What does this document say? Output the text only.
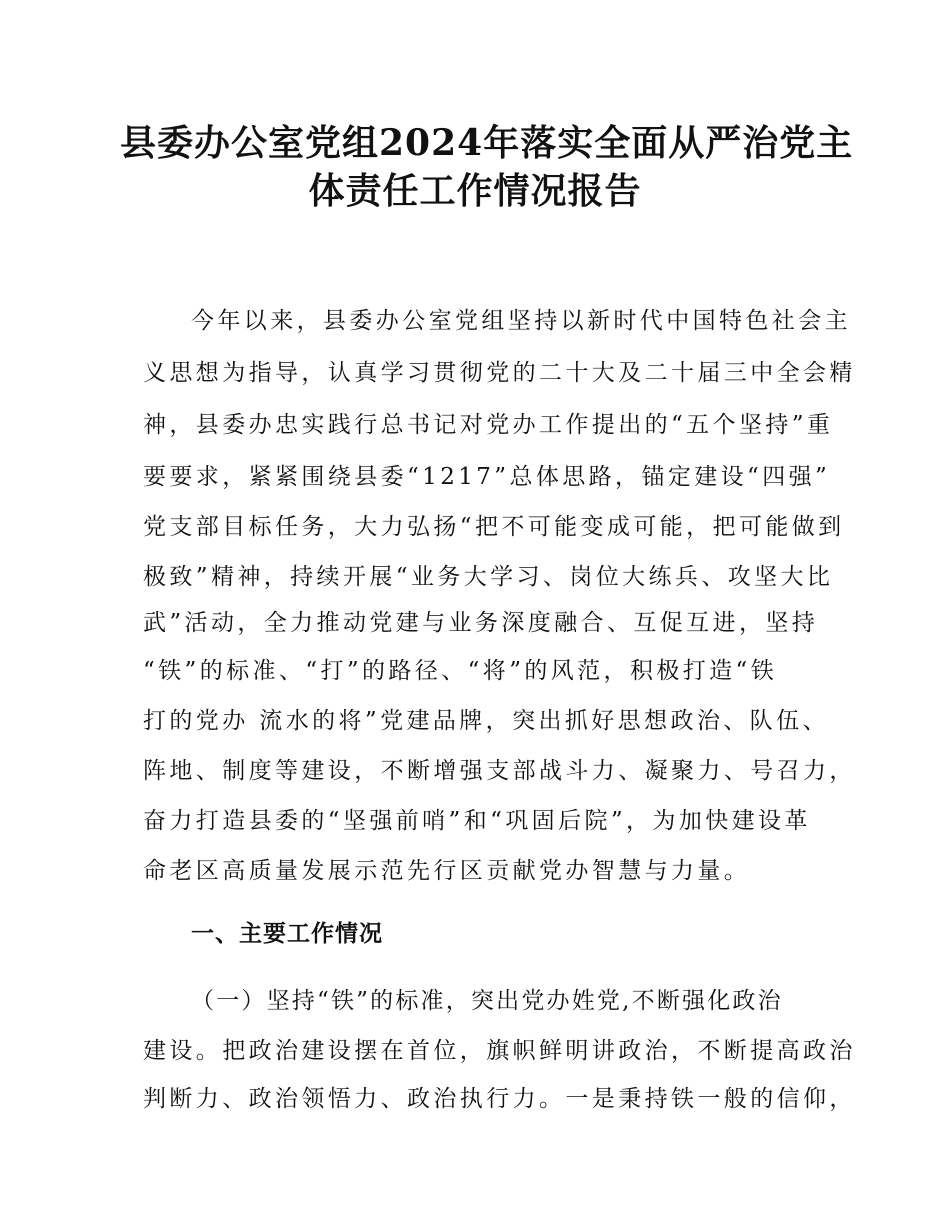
县委办公室党组2024年落实全面从严治党主
体责任工作情况报告

今年以来，县委办公室党组坚持以新时代中国特色社会主

义思想为指导，认真学习贯彻党的二十大及二十届三中全会精

神，县委办忠实践行总书记对党办工作提出的“五个坚持”重

要要求，紧紧围绕县委“1217”总体思路，锚定建设“四强”

党支部目标任务，大力弘扬“把不可能变成可能，把可能做到

极致”精神，持续开展“业务大学习、岗位大练兵、攻坚大比

武”活动，全力推动党建与业务深度融合、互促互进，坚持

“铁”的标准、“打”的路径、“将”的风范，积极打造“铁

打的党办 流水的将”党建品牌，突出抓好思想政治、队伍、

阵地、制度等建设，不断增强支部战斗力、凝聚力、号召力，

奋力打造县委的“坚强前哨”和“巩固后院”，为加快建设革

命老区高质量发展示范先行区贡献党办智慧与力量。

一、主要工作情况

（一）坚持“铁”的标准，突出党办姓党,不断强化政治

建设。把政治建设摆在首位，旗帜鲜明讲政治，不断提高政治

判断力、政治领悟力、政治执行力。一是秉持铁一般的信仰，
